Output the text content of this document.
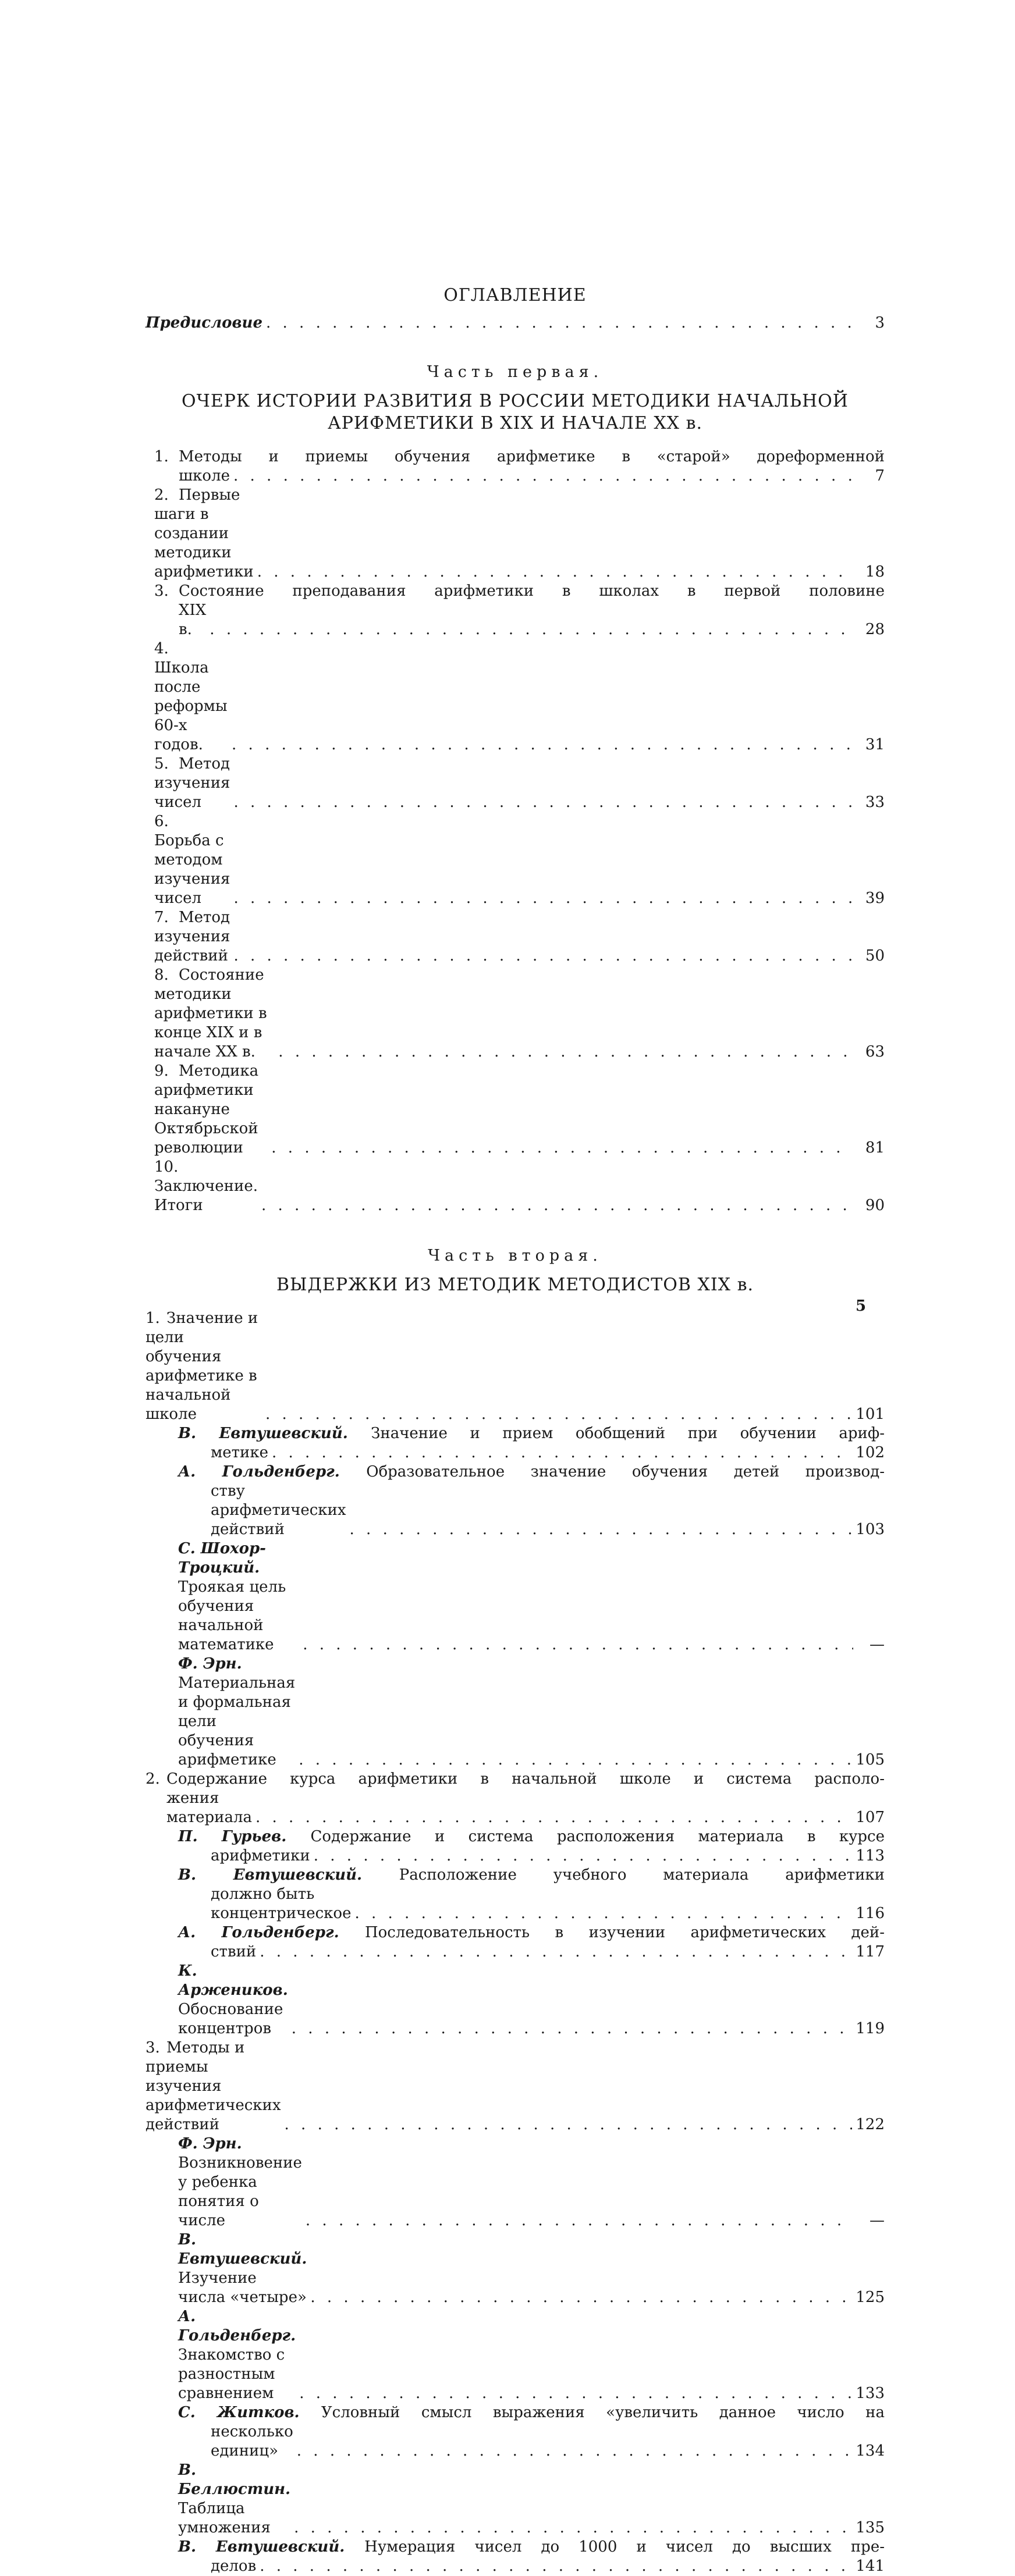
ОГЛАВЛЕНИЕ
Предисловие . . .	3
Часть первая.
ОЧЕРК ИСТОРИИ РАЗВИТИЯ В РОССИИ МЕТОДИКИ НАЧАЛЬНОЙ
АРИФМЕТИКИ В XIX И НАЧАЛЕ XX в.
1. Методы и приемы обучения арифметике в «старой» дореформенной
школе . . .	7
2. Первые шаги в создании методики арифметики . . .	18
3. Состояние преподавания арифметики в школах в первой половине
XIX в. . . .	28
4.Школа после реформы 60-х годов. . . .	31
5. Метод изучения чисел . . .	33
6.Борьба с методом изучения чисел . . .	39
7. Метод изучения действий . . .	50
8. Состояние методики арифметики в конце XIX и в начале XX в. . . .	63
9. Методика арифметики накануне Октябрьской революции . . .	81
10.Заключение. Итоги . . .	90
Часть вторая.
ВЫДЕРЖКИ ИЗ МЕТОДИК МЕТОДИСТОВ XIX в.
1. Значение и цели обучения арифметике в начальной школе . . .	101
В. Евтушевский. Значение и прием обобщений при обучении ариф-
метике . . .	102
А. Гольденберг. Образовательное значение обучения детей производ-
ству арифметических действий . . .	103
С. Шохор-Троцкий. Троякая цель обучения начальной математике . . .	—
Ф. Эрн. Материальная и формальная цели обучения арифметике . . .	105
2. Содержание курса арифметики в начальной школе и система располо-
жения материала . . .	107
П. Гурьев. Содержание и система расположения материала в курсе
арифметики . . .	113
В. Евтушевский. Расположение учебного материала арифметики
должно быть концентрическое . . .	116
А. Гольденберг. Последовательность в изучении арифметических дей-
ствий . . .	117
К. Аржеников. Обоснование концентров . . .	119
3. Методы и приемы изучения арифметических действий . . .	122
Ф. Эрн. Возникновение у ребенка понятия о числе . . .	—
В. Евтушевский. Изучение числа «четыре» . . .	125
А. Гольденберг. Знакомство с разностным сравнением . . .	133
С. Житков. Условный смысл выражения «увеличить данное число на
несколько единиц» . . .	134
В. Беллюстин. Таблица умножения . . .	135
В. Евтушевский. Нумерация чисел до 1000 и чисел до высших пре-
делов . . .	141
5
